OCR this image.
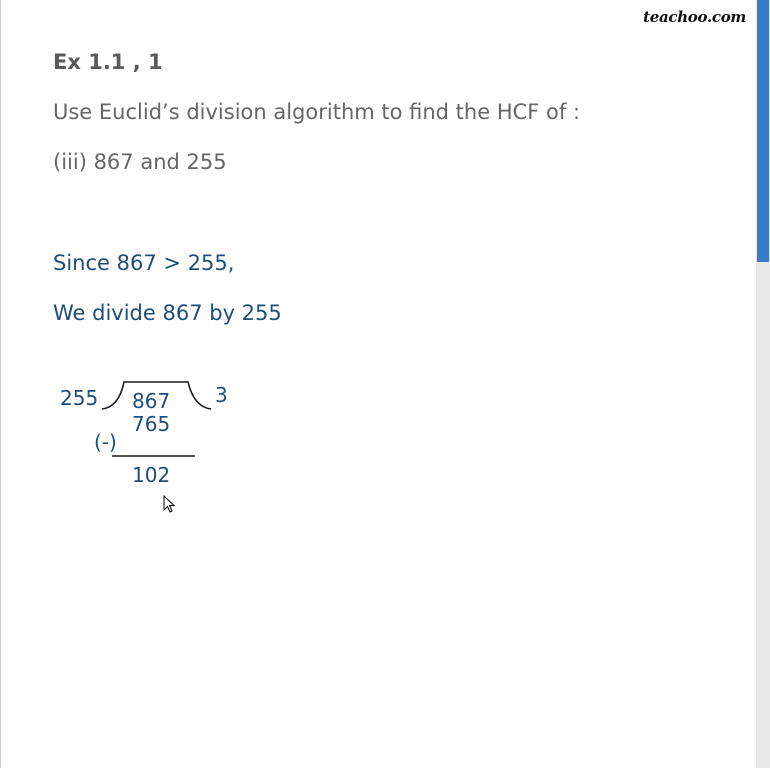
teachoo.com
Ex 1.1 , 1
Use Euclid’s division algorithm to find the HCF of :
(iii) 867 and 255
Since 867 > 255,
We divide 867 by 255
255 867 3
765
(-)
102
